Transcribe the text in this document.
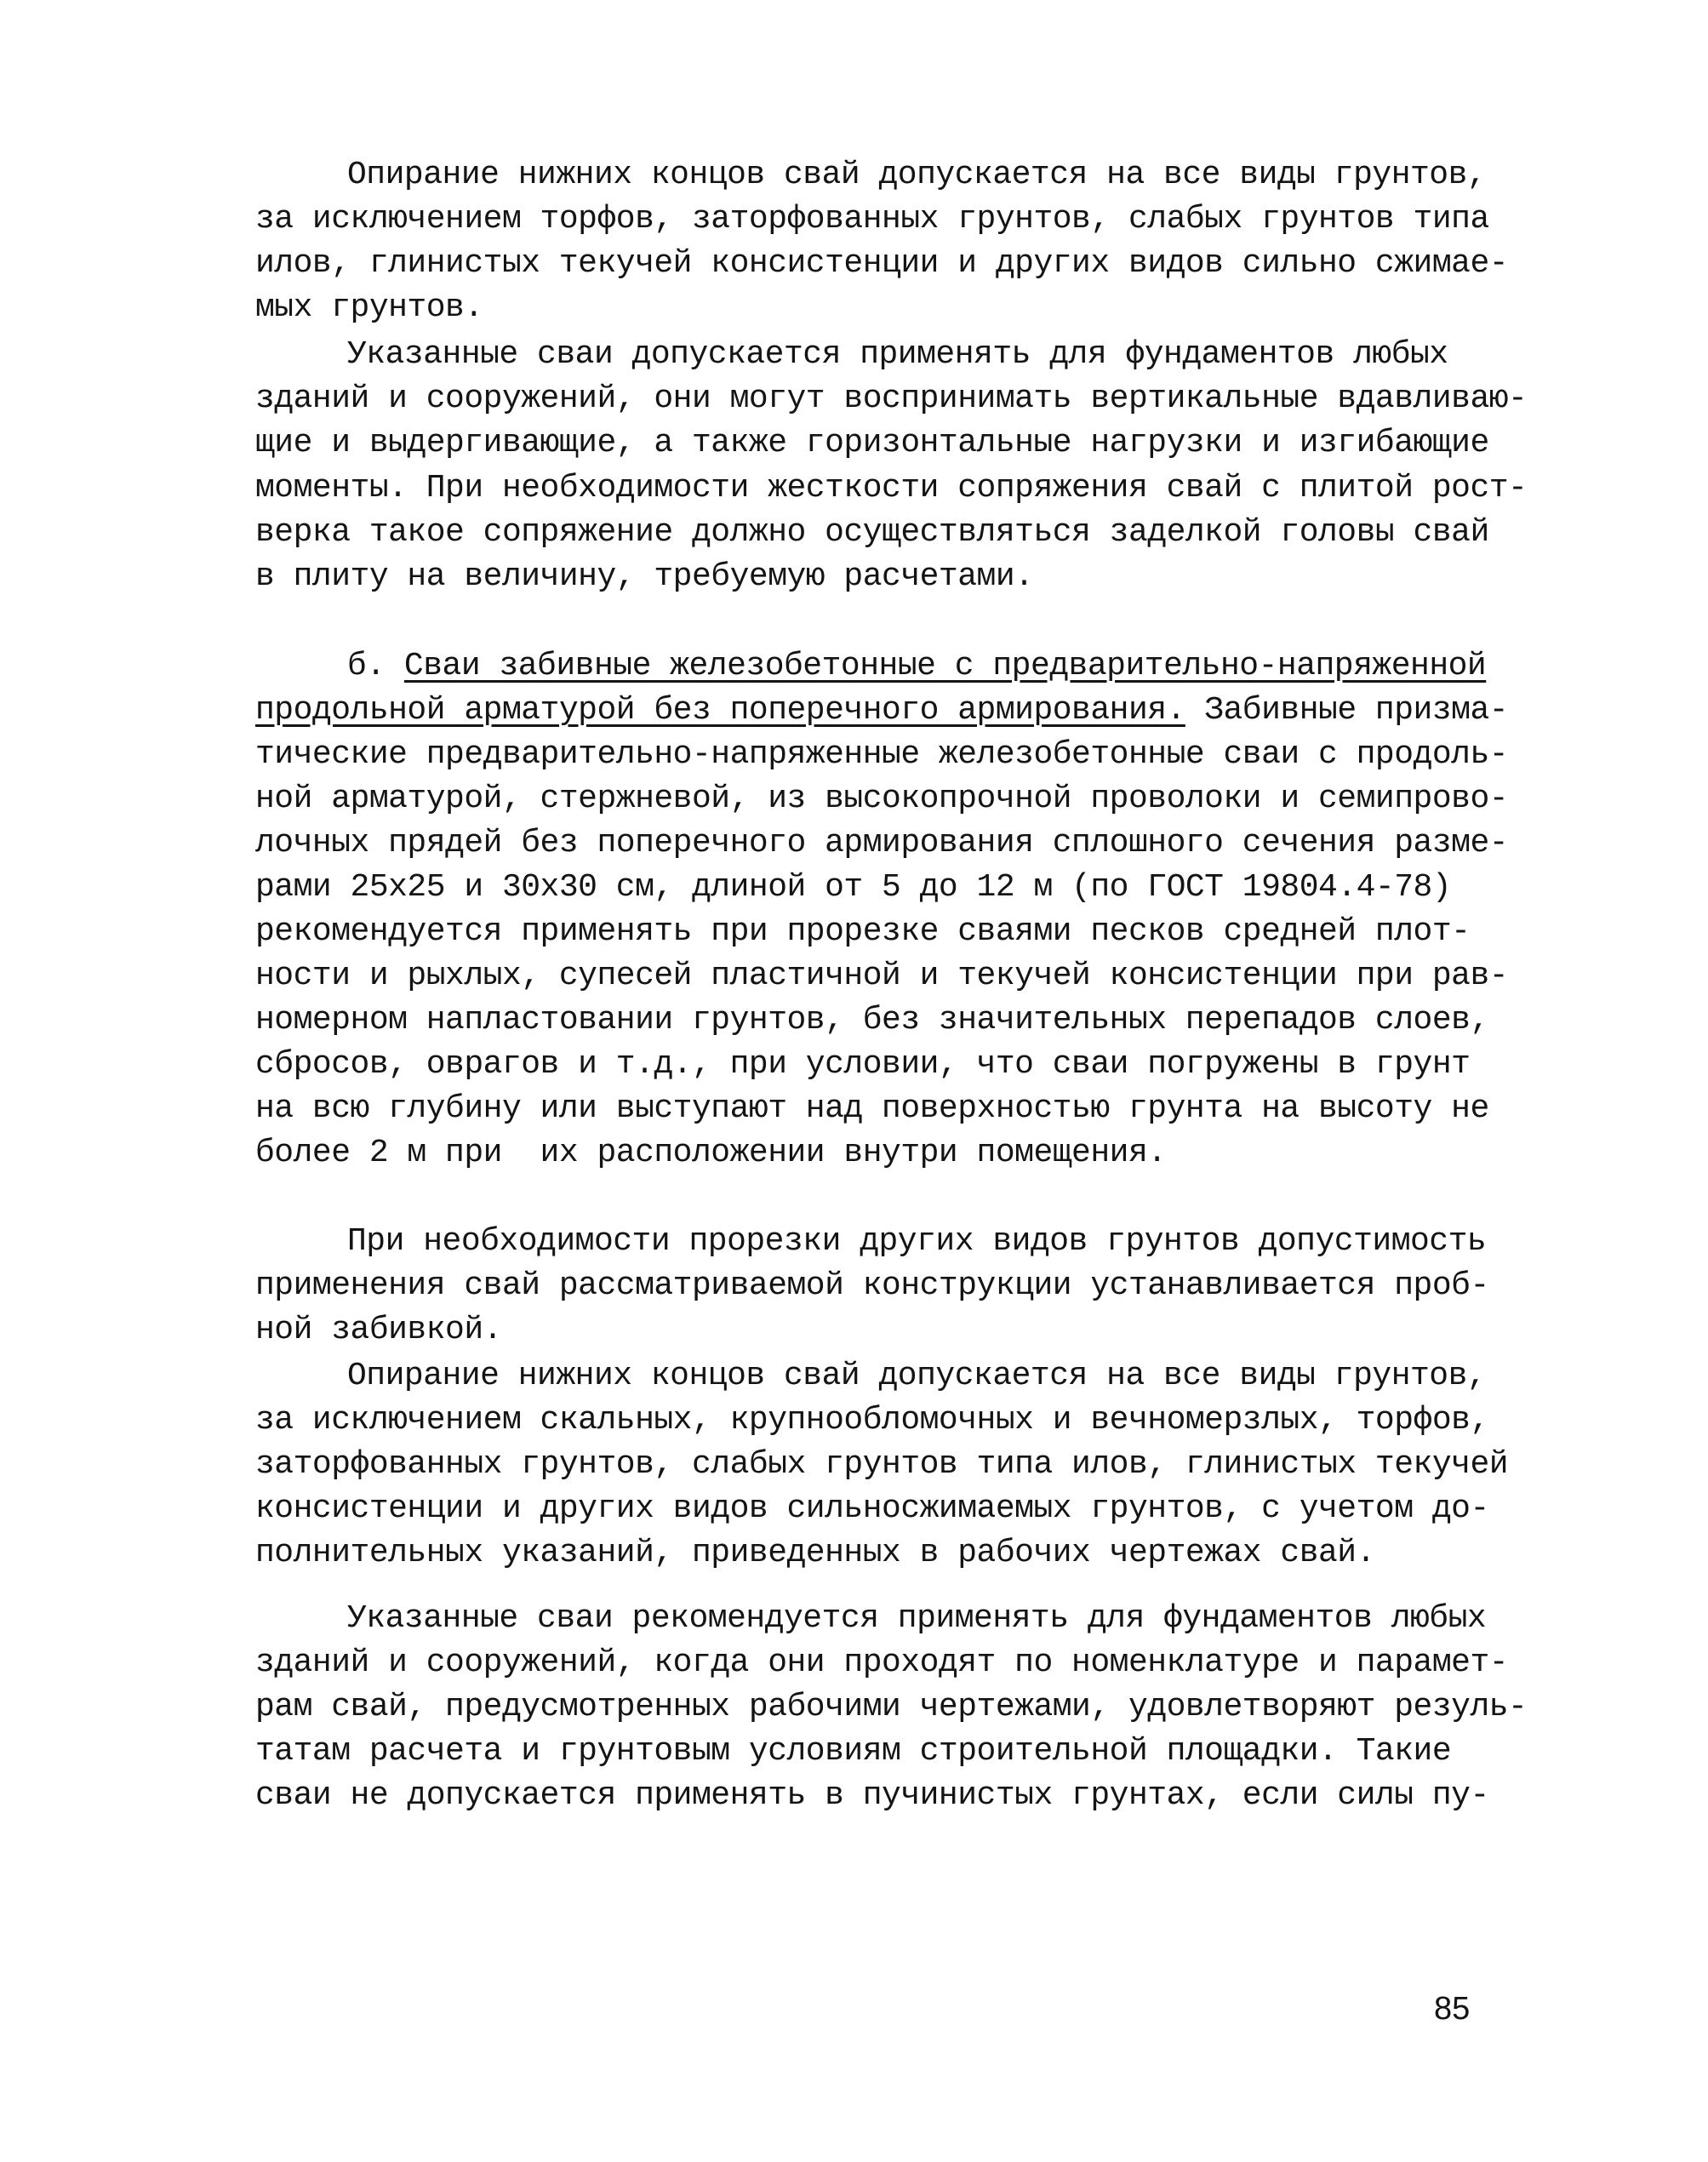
Опирание нижних концов свай допускается на все виды грунтов,
за исключением торфов, заторфованных грунтов, слабых грунтов типа
илов, глинистых текучей консистенции и других видов сильно сжимае-
мых грунтов.
Указанные сваи допускается применять для фундаментов любых
зданий и сооружений, они могут воспринимать вертикальные вдавливаю-
щие и выдергивающие, а также горизонтальные нагрузки и изгибающие
моменты. При необходимости жесткости сопряжения свай с плитой рост-
верка такое сопряжение должно осуществляться заделкой головы свай
в плиту на величину, требуемую расчетами.
б. Сваи забивные железобетонные с предварительно-напряженной
продольной арматурой без поперечного армирования. Забивные призма-
тические предварительно-напряженные железобетонные сваи с продоль-
ной арматурой, стержневой, из высокопрочной проволоки и семипрово-
лочных прядей без поперечного армирования сплошного сечения разме-
рами 25x25 и 30x30 см, длиной от 5 до 12 м (по ГОСТ 19804.4-78)
рекомендуется применять при прорезке сваями песков средней плот-
ности и рыхлых, супесей пластичной и текучей консистенции при рав-
номерном напластовании грунтов, без значительных перепадов слоев,
сбросов, оврагов и т.д., при условии, что сваи погружены в грунт
на всю глубину или выступают над поверхностью грунта на высоту не
более 2 м при  их расположении внутри помещения.
При необходимости прорезки других видов грунтов допустимость
применения свай рассматриваемой конструкции устанавливается проб-
ной забивкой.
Опирание нижних концов свай допускается на все виды грунтов,
за исключением скальных, крупнообломочных и вечномерзлых, торфов,
заторфованных грунтов, слабых грунтов типа илов, глинистых текучей
консистенции и других видов сильносжимаемых грунтов, с учетом до-
полнительных указаний, приведенных в рабочих чертежах свай.
Указанные сваи рекомендуется применять для фундаментов любых
зданий и сооружений, когда они проходят по номенклатуре и парамет-
рам свай, предусмотренных рабочими чертежами, удовлетворяют резуль-
татам расчета и грунтовым условиям строительной площадки. Такие
сваи не допускается применять в пучинистых грунтах, если силы пу-
85
